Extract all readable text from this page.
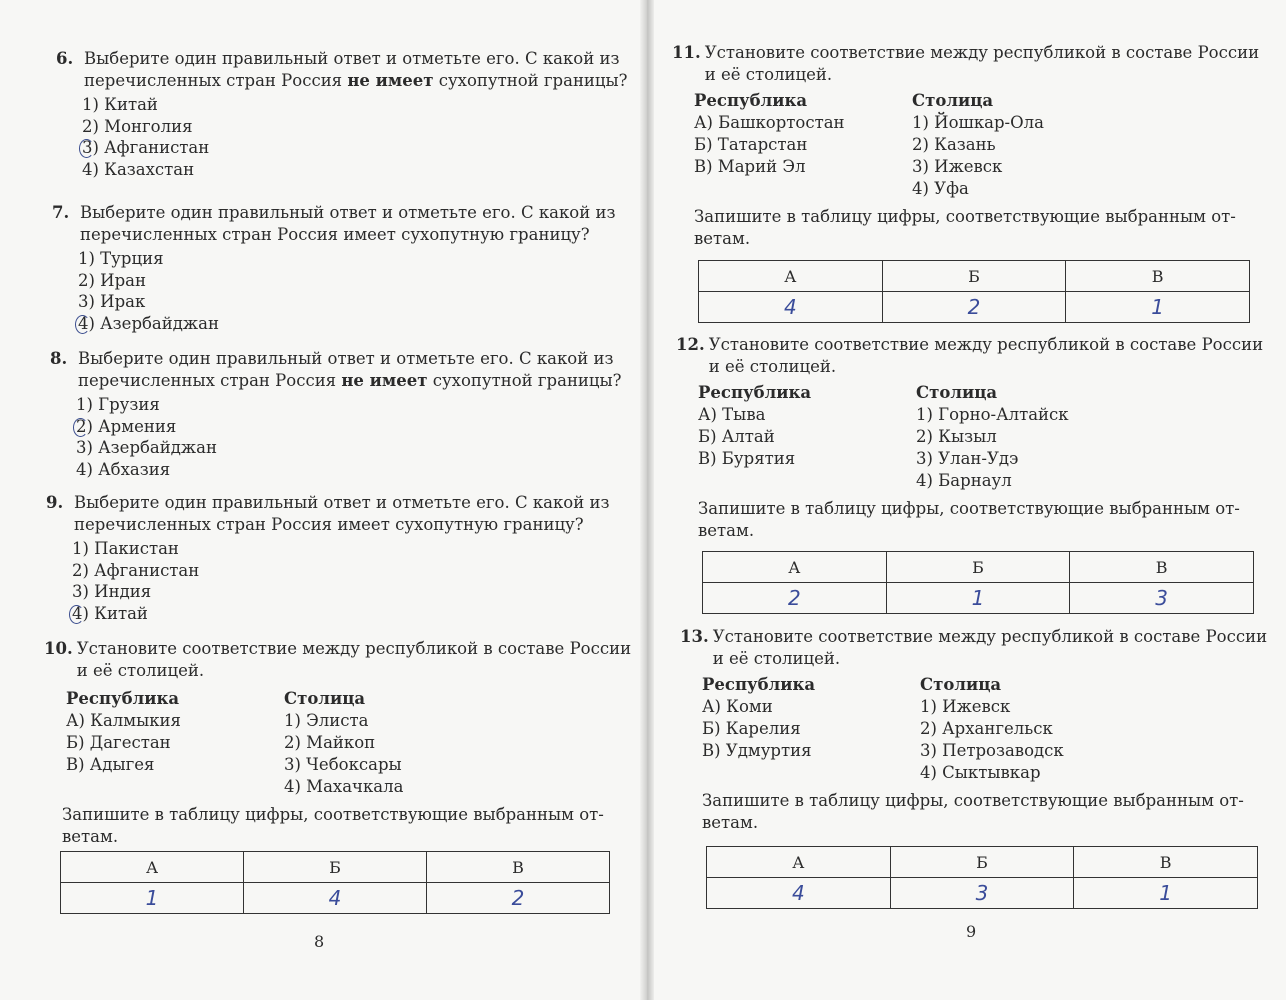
6. Выберите один правильный ответ и отметьте его. С какой из
перечисленных стран Россия не имеет сухопутной границы?
1) Китай
2) Монголия
3) Афганистан
4) Казахстан
7. Выберите один правильный ответ и отметьте его. С какой из
перечисленных стран Россия имеет сухопутную границу?
1) Турция
2) Иран
3) Ирак
4) Азербайджан
8. Выберите один правильный ответ и отметьте его. С какой из
перечисленных стран Россия не имеет сухопутной границы?
1) Грузия
2) Армения
3) Азербайджан
4) Абхазия
9. Выберите один правильный ответ и отметьте его. С какой из
перечисленных стран Россия имеет сухопутную границу?
1) Пакистан
2) Афганистан
3) Индия
4) Китай
10. Установите соответствие между республикой в составе России
и её столицей.
Республика
А) Калмыкия
Б) Дагестан
В) Адыгея
Столица
1) Элиста
2) Майкоп
3) Чебоксары
4) Махачкала
Запишите в таблицу цифры, соответствующие выбранным от-
ветам.
А	Б	В
1	4	2
8
11. Установите соответствие между республикой в составе России
и её столицей.
Республика
А) Башкортостан
Б) Татарстан
В) Марий Эл
Столица
1) Йошкар-Ола
2) Казань
3) Ижевск
4) Уфа
Запишите в таблицу цифры, соответствующие выбранным от-
ветам.
А	Б	В
4	2	1
12. Установите соответствие между республикой в составе России
и её столицей.
Республика
А) Тыва
Б) Алтай
В) Бурятия
Столица
1) Горно-Алтайск
2) Кызыл
3) Улан-Удэ
4) Барнаул
Запишите в таблицу цифры, соответствующие выбранным от-
ветам.
А	Б	В
2	1	3
13. Установите соответствие между республикой в составе России
и её столицей.
Республика
А) Коми
Б) Карелия
В) Удмуртия
Столица
1) Ижевск
2) Архангельск
3) Петрозаводск
4) Сыктывкар
Запишите в таблицу цифры, соответствующие выбранным от-
ветам.
А	Б	В
4	3	1
9
